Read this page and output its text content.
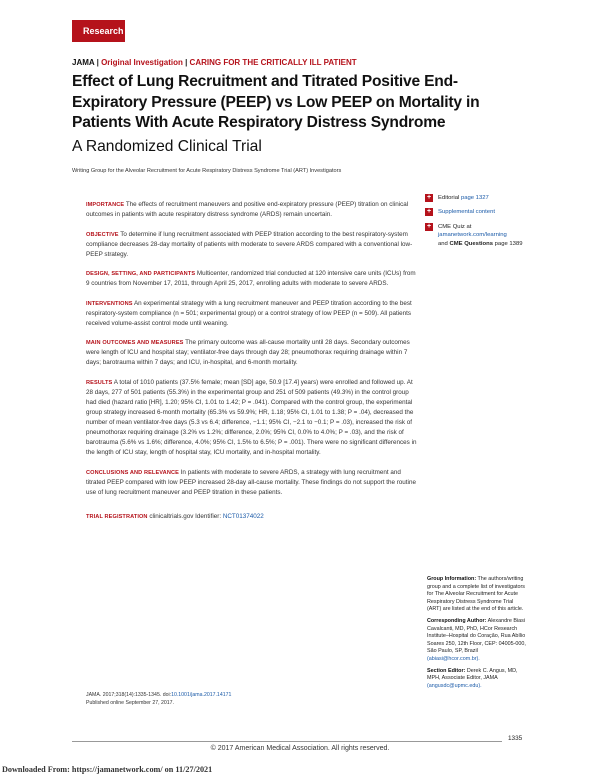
Research
JAMA | Original Investigation | CARING FOR THE CRITICALLY ILL PATIENT
Effect of Lung Recruitment and Titrated Positive End-Expiratory Pressure (PEEP) vs Low PEEP on Mortality in Patients With Acute Respiratory Distress Syndrome
A Randomized Clinical Trial
Writing Group for the Alveolar Recruitment for Acute Respiratory Distress Syndrome Trial (ART) Investigators

IMPORTANCE The effects of recruitment maneuvers and positive end-expiratory pressure (PEEP) titration on clinical outcomes in patients with acute respiratory distress syndrome (ARDS) remain uncertain.

OBJECTIVE To determine if lung recruitment associated with PEEP titration according to the best respiratory-system compliance decreases 28-day mortality of patients with moderate to severe ARDS compared with a conventional low-PEEP strategy.

DESIGN, SETTING, AND PARTICIPANTS Multicenter, randomized trial conducted at 120 intensive care units (ICUs) from 9 countries from November 17, 2011, through April 25, 2017, enrolling adults with moderate to severe ARDS.

INTERVENTIONS An experimental strategy with a lung recruitment maneuver and PEEP titration according to the best respiratory-system compliance (n = 501; experimental group) or a control strategy of low PEEP (n = 509). All patients received volume-assist control mode until weaning.

MAIN OUTCOMES AND MEASURES The primary outcome was all-cause mortality until 28 days. Secondary outcomes were length of ICU and hospital stay; ventilator-free days through day 28; pneumothorax requiring drainage within 7 days; barotrauma within 7 days; and ICU, in-hospital, and 6-month mortality.

RESULTS A total of 1010 patients (37.5% female; mean [SD] age, 50.9 [17.4] years) were enrolled and followed up. At 28 days, 277 of 501 patients (55.3%) in the experimental group and 251 of 509 patients (49.3%) in the control group had died (hazard ratio [HR], 1.20; 95% CI, 1.01 to 1.42; P = .041). Compared with the control group, the experimental group strategy increased 6-month mortality (65.3% vs 59.9%; HR, 1.18; 95% CI, 1.01 to 1.38; P = .04), decreased the number of mean ventilator-free days (5.3 vs 6.4; difference, −1.1; 95% CI, −2.1 to −0.1; P = .03), increased the risk of pneumothorax requiring drainage (3.2% vs 1.2%; difference, 2.0%; 95% CI, 0.0% to 4.0%; P = .03), and the risk of barotrauma (5.6% vs 1.6%; difference, 4.0%; 95% CI, 1.5% to 6.5%; P = .001). There were no significant differences in the length of ICU stay, length of hospital stay, ICU mortality, and in-hospital mortality.

CONCLUSIONS AND RELEVANCE In patients with moderate to severe ARDS, a strategy with lung recruitment and titrated PEEP compared with low PEEP increased 28-day all-cause mortality. These findings do not support the routine use of lung recruitment maneuver and PEEP titration in these patients.

TRIAL REGISTRATION clinicaltrials.gov Identifier: NCT01374022

+	Editorial page 1327
+	Supplemental content
+	CME Quiz at
jamanetwork.com/learning
and CME Questions page 1389
Group Information: The authors/writing group and a complete list of investigators for The Alveolar Recruitment for Acute Respiratory Distress Syndrome Trial (ART) are listed at the end of this article.
Corresponding Author: Alexandre Biasi Cavalcanti, MD, PhD, HCor Research Institute–Hospital do Coração, Rua Abílio Soares 250, 12th Floor, CEP: 04005-000, São Paulo, SP, Brazil (abiasi@hcor.com.br).
Section Editor: Derek C. Angus, MD, MPH, Associate Editor, JAMA (angusdc@upmc.edu).
JAMA. 2017;318(14):1335-1345. doi:10.1001/jama.2017.14171
Published online September 27, 2017.
1335
© 2017 American Medical Association. All rights reserved.
Downloaded From: https://jamanetwork.com/ on 11/27/2021
